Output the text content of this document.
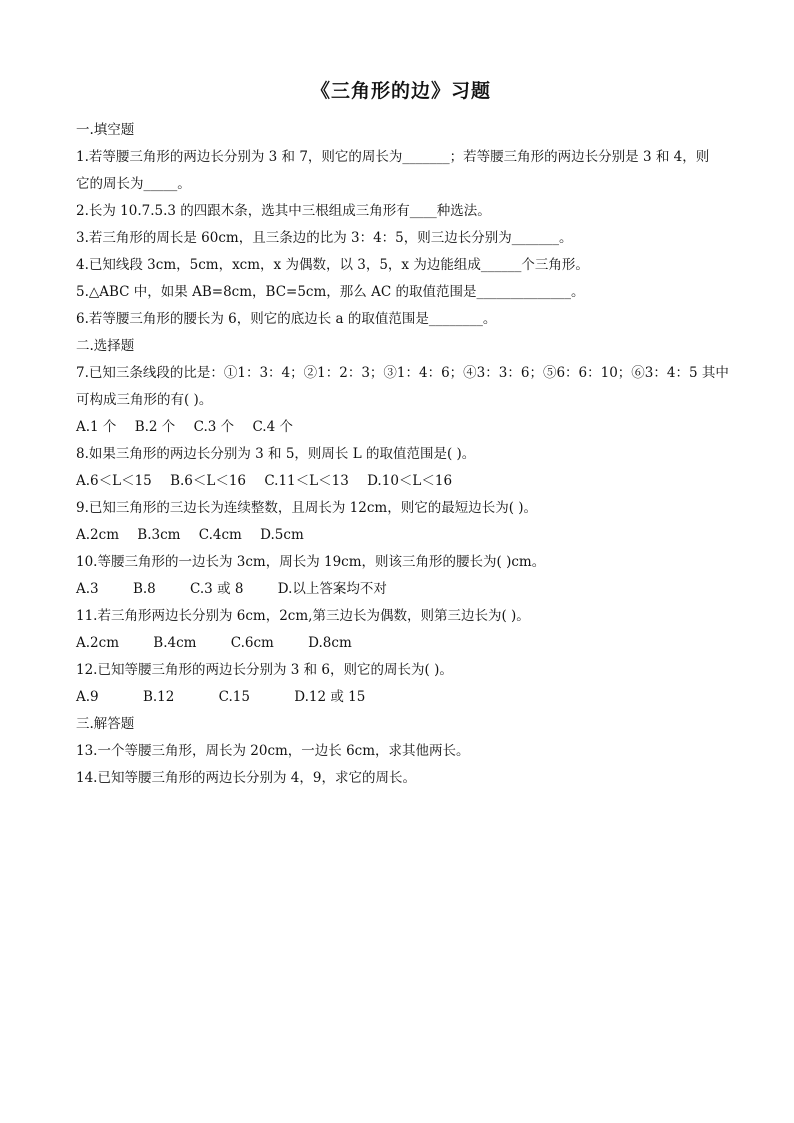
《三角形的边》习题
一.填空题
1.若等腰三角形的两边长分别为 3 和 7，则它的周长为_______；若等腰三角形的两边长分别是 3 和 4，则
它的周长为_____。
2.长为 10.7.5.3 的四跟木条，选其中三根组成三角形有____种选法。
3.若三角形的周长是 60cm，且三条边的比为 3：4：5，则三边长分别为_______。
4.已知线段 3cm，5cm，xcm，x 为偶数，以 3，5，x 为边能组成______个三角形。
5.△ABC 中，如果 AB=8cm，BC=5cm，那么 AC 的取值范围是______________。
6.若等腰三角形的腰长为 6，则它的底边长 a 的取值范围是________。
二.选择题
7.已知三条线段的比是：①1：3：4；②1：2：3；③1：4：6；④3：3：6；⑤6：6：10；⑥3：4：5 其中
可构成三角形的有( )。
A.1 个 B.2 个 C.3 个 C.4 个
8.如果三角形的两边长分别为 3 和 5，则周长 L 的取值范围是( )。
A.6＜L＜15 B.6＜L＜16 C.11＜L＜13 D.10＜L＜16
9.已知三角形的三边长为连续整数，且周长为 12cm，则它的最短边长为( )。
A.2cm B.3cm C.4cm D.5cm
10.等腰三角形的一边长为 3cm，周长为 19cm，则该三角形的腰长为( )cm。
A.3	B.8	C.3 或 8	D.以上答案均不对
11.若三角形两边长分别为 6cm，2cm,第三边长为偶数，则第三边长为( )。
A.2cm	B.4cm	C.6cm	D.8cm
12.已知等腰三角形的两边长分别为 3 和 6，则它的周长为( )。
A.9	B.12	C.15	D.12 或 15
三.解答题
13.一个等腰三角形，周长为 20cm，一边长 6cm，求其他两长。
14.已知等腰三角形的两边长分别为 4，9，求它的周长。
